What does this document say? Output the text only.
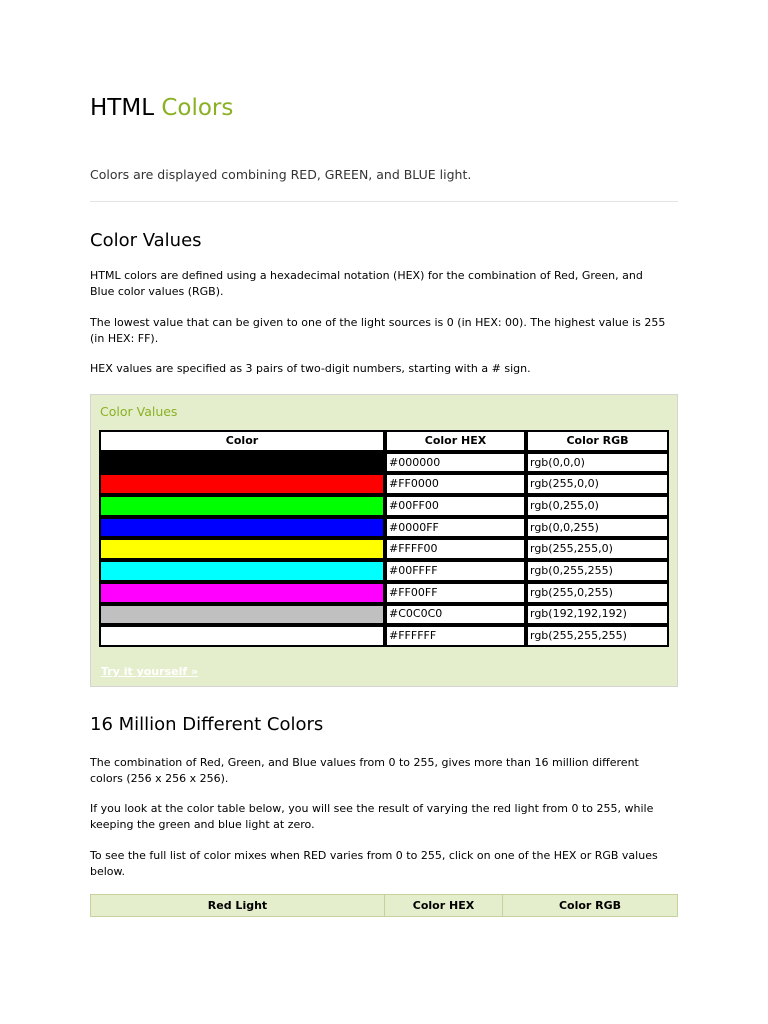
HTML Colors

Colors are displayed combining RED, GREEN, and BLUE light.

Color Values

HTML colors are defined using a hexadecimal notation (HEX) for the combination of Red, Green, and Blue color values (RGB).

The lowest value that can be given to one of the light sources is 0 (in HEX: 00). The highest value is 255 (in HEX: FF).

HEX values are specified as 3 pairs of two-digit numbers, starting with a # sign.

Color Values
Color	Color HEX	Color RGB
	#000000	rgb(0,0,0)
	#FF0000	rgb(255,0,0)
	#00FF00	rgb(0,255,0)
	#0000FF	rgb(0,0,255)
	#FFFF00	rgb(255,255,0)
	#00FFFF	rgb(0,255,255)
	#FF00FF	rgb(255,0,255)
	#C0C0C0	rgb(192,192,192)
	#FFFFFF	rgb(255,255,255)
Try it yourself »
16 Million Different Colors

The combination of Red, Green, and Blue values from 0 to 255, gives more than 16 million different colors (256 x 256 x 256).

If you look at the color table below, you will see the result of varying the red light from 0 to 255, while keeping the green and blue light at zero.

To see the full list of color mixes when RED varies from 0 to 255, click on one of the HEX or RGB values below.

Red Light	Color HEX	Color RGB
